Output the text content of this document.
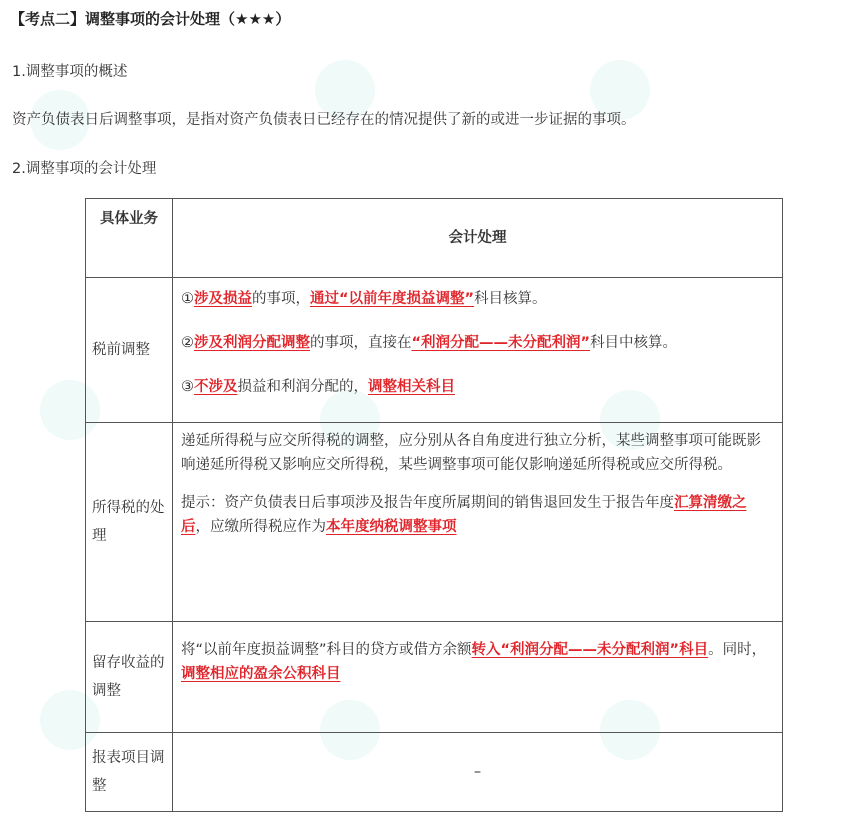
【考点二】调整事项的会计处理（★★★）
1.调整事项的概述
资产负债表日后调整事项，是指对资产负债表日已经存在的情况提供了新的或进一步证据的事项。
2.调整事项的会计处理
具体业务	会计处理
税前调整	①涉及损益的事项，通过“以前年度损益调整”科目核算。
②涉及利润分配调整的事项，直接在“利润分配——未分配利润”科目中核算。
③不涉及损益和利润分配的，调整相关科目

所得税的处理	递延所得税与应交所得税的调整，应分别从各自角度进行独立分析，某些调整事项可能既影响递延所得税又影响应交所得税，某些调整事项可能仅影响递延所得税或应交所得税。
提示：资产负债表日后事项涉及报告年度所属期间的销售退回发生于报告年度汇算清缴之后，应缴所得税应作为本年度纳税调整事项

留存收益的调整	将“以前年度损益调整”科目的贷方或借方余额转入“利润分配——未分配利润”科目。同时，调整相应的盈余公积科目

报表项目调整	–
